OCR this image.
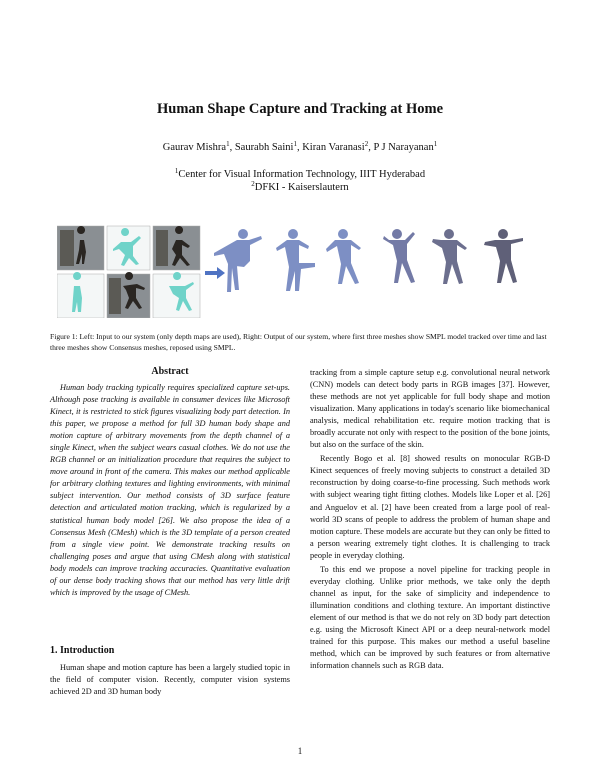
Human Shape Capture and Tracking at Home
Gaurav Mishra$^1$, Saurabh Saini$^1$, Kiran Varanasi$^2$, P J Narayanan$^1$
$^1$Center for Visual Information Technology, IIIT Hyderabad
$^2$DFKI - Kaiserslautern
Figure 1: Left: Input to our system (only depth maps are used), Right: Output of our system, where first three meshes show SMPL model tracked over time and last three meshes show Consensus meshes, reposed using SMPL.
Abstract

Human body tracking typically requires specialized capture set-ups. Although pose tracking is available in consumer devices like Microsoft Kinect, it is restricted to stick figures visualizing body part detection. In this paper, we propose a method for full 3D human body shape and motion capture of arbitrary movements from the depth channel of a single Kinect, when the subject wears casual clothes. We do not use the RGB channel or an initialization procedure that requires the subject to move around in front of the camera. This makes our method applicable for arbitrary clothing textures and lighting environments, with minimal subject intervention. Our method consists of 3D surface feature detection and articulated motion tracking, which is regularized by a statistical human body model [26]. We also propose the idea of a Consensus Mesh (CMesh) which is the 3D template of a person created from a single view point. We demonstrate tracking results on challenging poses and argue that using CMesh along with statistical body models can improve tracking accuracies. Quantitative evaluation of our dense body tracking shows that our method has very little drift which is improved by the usage of CMesh.

1. Introduction

Human shape and motion capture has been a largely studied topic in the field of computer vision. Recently, computer vision systems achieved 2D and 3D human body

tracking from a simple capture setup e.g. convolutional neural network (CNN) models can detect body parts in RGB images [37]. However, these methods are not yet applicable for full body shape and motion visualization. Many applications in today's scenario like biomechanical analysis, medical rehabilitation etc. require motion tracking that is broadly accurate not only with respect to the position of the bone joints, but also on the surface of the skin.

Recently Bogo et al. [8] showed results on monocular RGB-D Kinect sequences of freely moving subjects to construct a detailed 3D reconstruction by doing coarse-to-fine processing. Such methods work with subject wearing tight fitting clothes. Models like Loper et al. [26] and Anguelov et al. [2] have been created from a large pool of real-world 3D scans of people to address the problem of human shape and motion capture. These models are accurate but they can only be fitted to a person wearing extremely tight clothes. It is challenging to track people in everyday clothing.

To this end we propose a novel pipeline for tracking people in everyday clothing. Unlike prior methods, we take only the depth channel as input, for the sake of simplicity and independence to illumination conditions and clothing texture. An important distinctive element of our method is that we do not rely on 3D body part detection e.g. using the Microsoft Kinect API or a deep neural-network model trained for this purpose. This makes our method a useful baseline method, which can be improved by such features or from alternative information channels such as RGB data.

1
